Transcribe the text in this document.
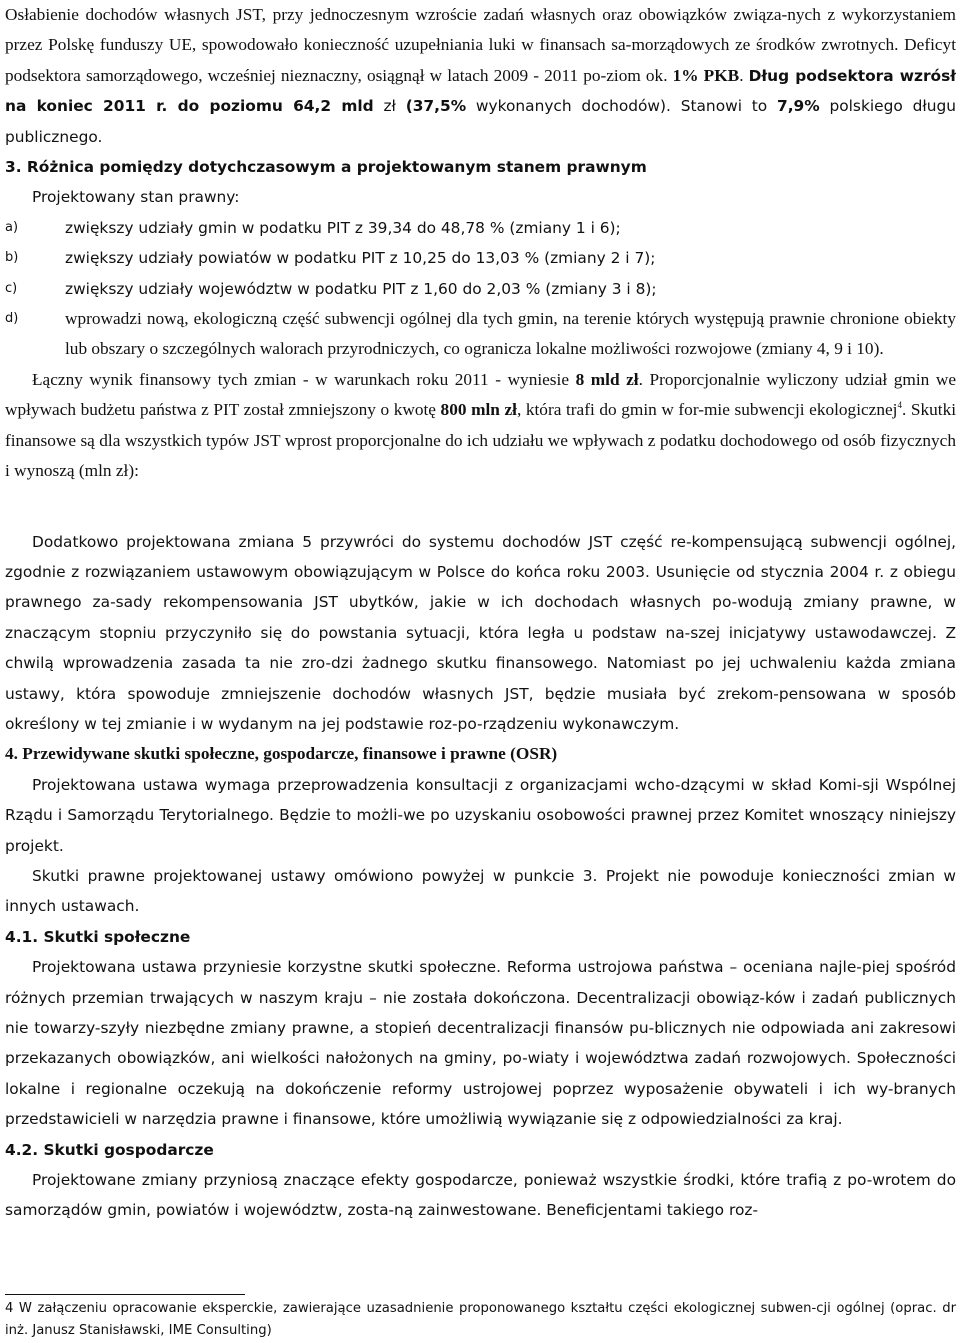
Osłabienie dochodów własnych JST, przy jednoczesnym wzroście zadań własnych oraz obowiązków związa-nych z wykorzystaniem przez Polskę funduszy UE, spowodowało konieczność uzupełniania luki w finansach sa-morządowych ze środków zwrotnych. Deficyt podsektora samorządowego, wcześniej nieznaczny, osiągnął w latach 2009 - 2011 po-ziom ok. 1% PKB. Dług podsektora wzrósł na koniec 2011 r. do poziomu 64,2 mld zł (37,5% wykonanych dochodów). Stanowi to 7,9% polskiego długu publicznego.

3. Różnica pomiędzy dotychczasowym a projektowanym stanem prawnym

Projektowany stan prawny:

a)	zwiększy udziały gmin w podatku PIT z 39,34 do 48,78 % (zmiany 1 i 6);
b)	zwiększy udziały powiatów w podatku PIT z 10,25 do 13,03 % (zmiany 2 i 7);
c)	zwiększy udziały województw w podatku PIT z 1,60 do 2,03 % (zmiany 3 i 8);
d)	wprowadzi nową, ekologiczną część subwencji ogólnej dla tych gmin, na terenie których występują prawnie chronione obiekty lub obszary o szczególnych walorach przyrodniczych, co ogranicza lokalne możliwości rozwojowe (zmiany 4, 9 i 10).

Łączny wynik finansowy tych zmian - w warunkach roku 2011 - wyniesie 8 mld zł. Proporcjonalnie wyliczony udział gmin we wpływach budżetu państwa z PIT został zmniejszony o kwotę 800 mln zł, która trafi do gmin w for-mie subwencji ekologicznej$^4$. Skutki finansowe są dla wszystkich typów JST wprost proporcjonalne do ich udziału we wpływach z podatku dochodowego od osób fizycznych i wynoszą (mln zł):

Dodatkowo projektowana zmiana 5 przywróci do systemu dochodów JST część re-kompensującą subwencji ogólnej, zgodnie z rozwiązaniem ustawowym obowiązującym w Polsce do końca roku 2003. Usunięcie od stycznia 2004 r. z obiegu prawnego za-sady rekompensowania JST ubytków, jakie w ich dochodach własnych po-wodują zmiany prawne, w znaczącym stopniu przyczyniło się do powstania sytuacji, która legła u podstaw na-szej inicjatywy ustawodawczej. Z chwilą wprowadzenia zasada ta nie zro-dzi żadnego skutku finansowego. Natomiast po jej uchwaleniu każda zmiana ustawy, która spowoduje zmniejszenie dochodów własnych JST, będzie musiała być zrekom-pensowana w sposób określony w tej zmianie i w wydanym na jej podstawie roz-po-rządzeniu wykonawczym.

4. Przewidywane skutki społeczne, gospodarcze, finansowe i prawne (OSR)

Projektowana ustawa wymaga przeprowadzenia konsultacji z organizacjami wcho-dzącymi w skład Komi-sji Wspólnej Rządu i Samorządu Terytorialnego. Będzie to możli-we po uzyskaniu osobowości prawnej przez Komitet wnoszący niniejszy projekt.

Skutki prawne projektowanej ustawy omówiono powyżej w punkcie 3. Projekt nie powoduje konieczności zmian w innych ustawach.

4.1. Skutki społeczne

Projektowana ustawa przyniesie korzystne skutki społeczne. Reforma ustrojowa państwa – oceniana najle-piej spośród różnych przemian trwających w naszym kraju – nie została dokończona. Decentralizacji obowiąz-ków i zadań publicznych nie towarzy-szyły niezbędne zmiany prawne, a stopień decentralizacji finansów pu-blicznych nie odpowiada ani zakresowi przekazanych obowiązków, ani wielkości nałożonych na gminy, po-wiaty i województwa zadań rozwojowych. Społeczności lokalne i regionalne oczekują na dokończenie reformy ustrojowej poprzez wyposażenie obywateli i ich wy-branych przedstawicieli w narzędzia prawne i finansowe, które umożliwią wywiązanie się z odpowiedzialności za kraj.

4.2. Skutki gospodarcze

Projektowane zmiany przyniosą znaczące efekty gospodarcze, ponieważ wszystkie środki, które trafią z po-wrotem do samorządów gmin, powiatów i województw, zosta-ną zainwestowane. Beneficjentami takiego roz-

4 W załączeniu opracowanie eksperckie, zawierające uzasadnienie proponowanego kształtu części ekologicznej subwen-cji ogólnej (oprac. dr inż. Janusz Stanisławski, IME Consulting)
